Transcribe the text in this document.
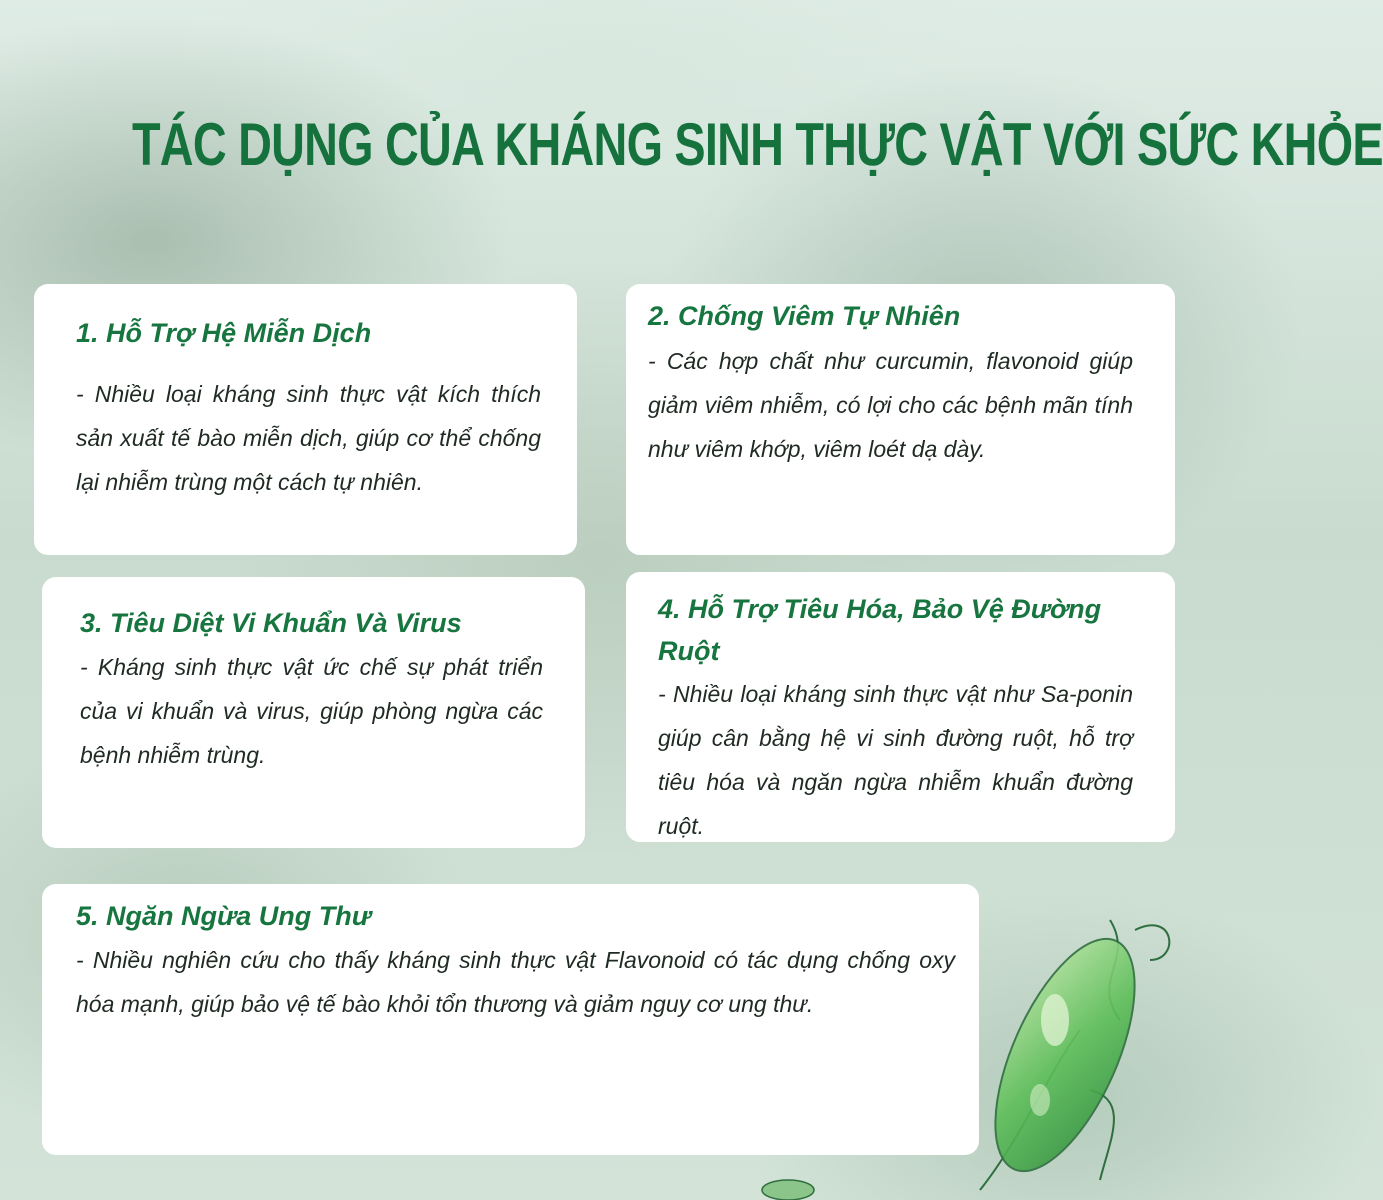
TÁC DỤNG CỦA KHÁNG SINH THỰC VẬT VỚI SỨC KHỎE
1. Hỗ Trợ Hệ Miễn Dịch

- Nhiều loại kháng sinh thực vật kích thích sản xuất tế bào miễn dịch, giúp cơ thể chống lại nhiễm trùng một cách tự nhiên.

2. Chống Viêm Tự Nhiên

- Các hợp chất như curcumin, flavonoid giúp giảm viêm nhiễm, có lợi cho các bệnh mãn tính như viêm khớp, viêm loét dạ dày.

3. Tiêu Diệt Vi Khuẩn Và Virus

- Kháng sinh thực vật ức chế sự phát triển của vi khuẩn và virus, giúp phòng ngừa các bệnh nhiễm trùng.

4. Hỗ Trợ Tiêu Hóa, Bảo Vệ Đường Ruột

- Nhiều loại kháng sinh thực vật như Sa-ponin giúp cân bằng hệ vi sinh đường ruột, hỗ trợ tiêu hóa và ngăn ngừa nhiễm khuẩn đường ruột.

5. Ngăn Ngừa Ung Thư

- Nhiều nghiên cứu cho thấy kháng sinh thực vật Flavonoid có tác dụng chống oxy hóa mạnh, giúp bảo vệ tế bào khỏi tổn thương và giảm nguy cơ ung thư.
